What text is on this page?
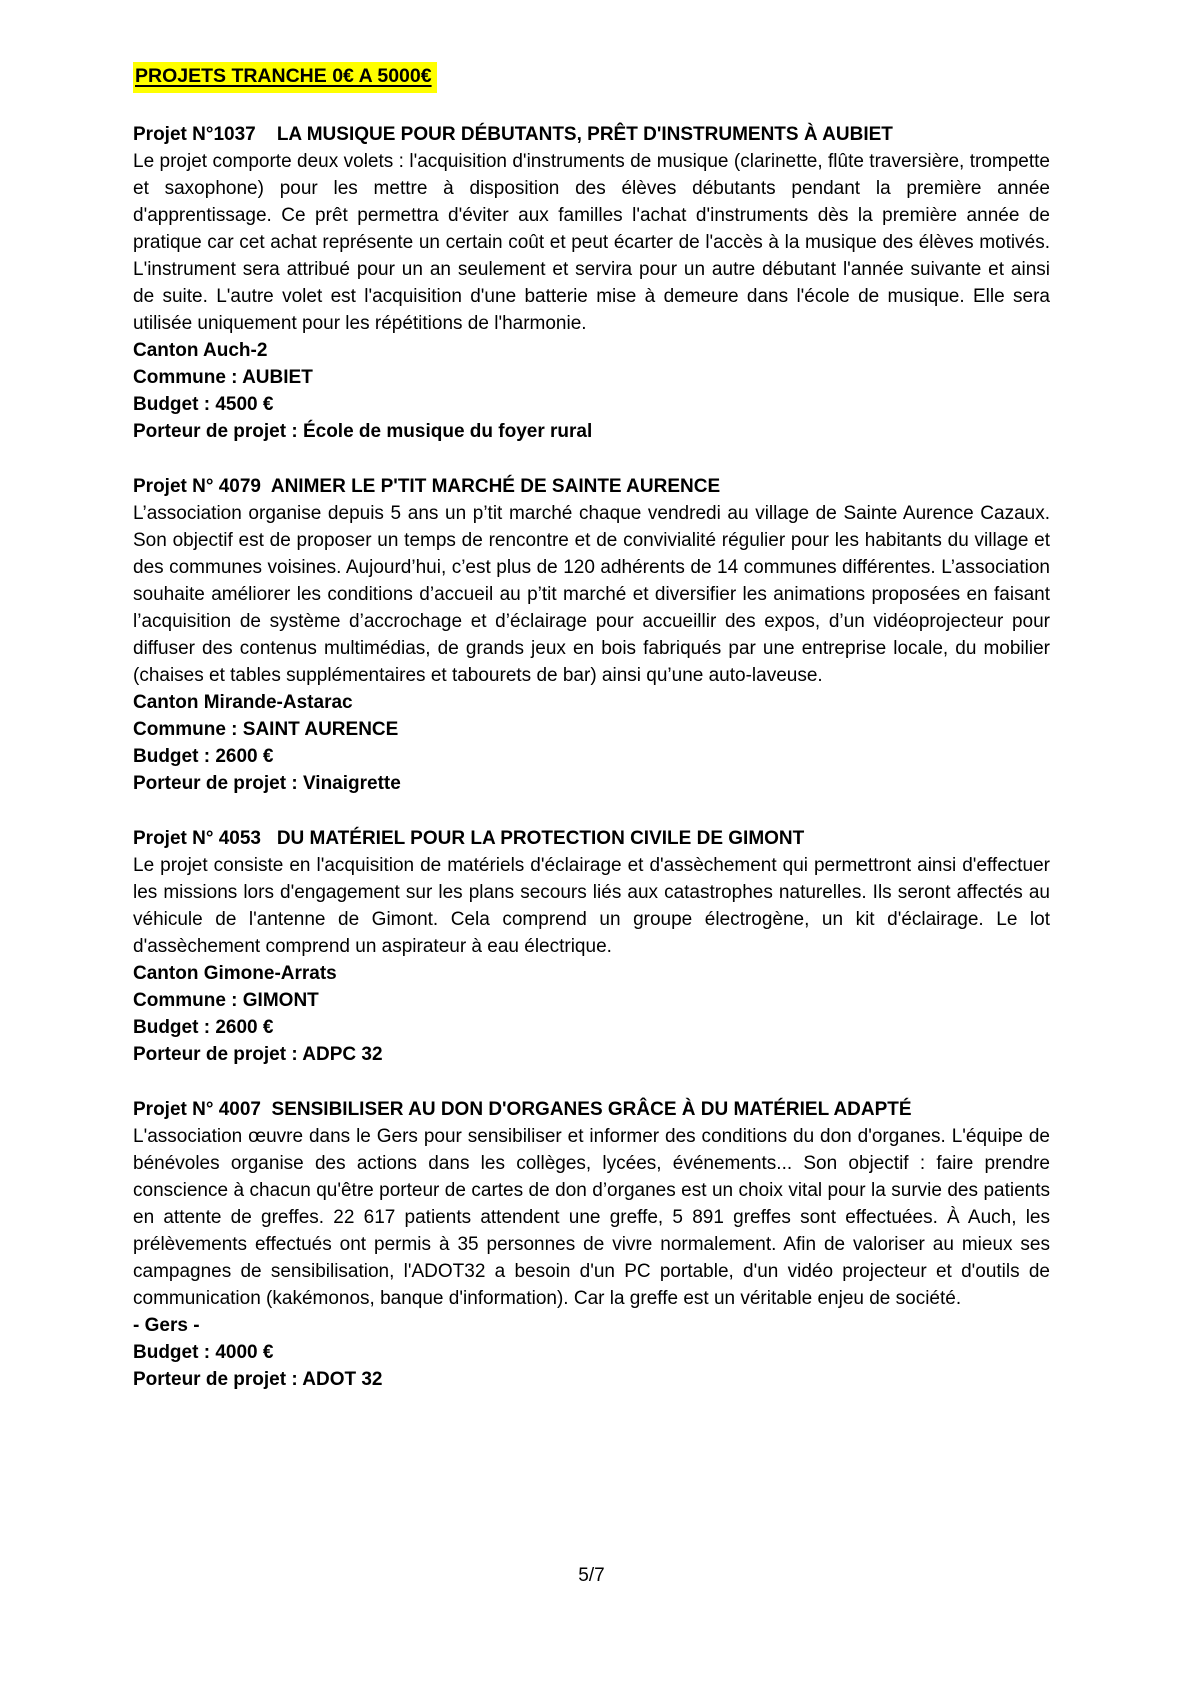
PROJETS TRANCHE 0€ A 5000€
Projet N°1037    LA MUSIQUE POUR DÉBUTANTS, PRÊT D'INSTRUMENTS À AUBIET
Le projet comporte deux volets : l'acquisition d'instruments de musique (clarinette, flûte traversière, trompette et saxophone) pour les mettre à disposition des élèves débutants pendant la première année d'apprentissage. Ce prêt permettra d'éviter aux familles l'achat d'instruments dès la première année de pratique car cet achat représente un certain coût et peut écarter de l'accès à la musique des élèves motivés. L'instrument sera attribué pour un an seulement et servira pour un autre débutant l'année suivante et ainsi de suite. L'autre volet est l'acquisition d'une batterie mise à demeure dans l'école de musique. Elle sera utilisée uniquement pour les répétitions de l'harmonie.
Canton Auch-2
Commune : AUBIET
Budget : 4500 €
Porteur de projet : École de musique du foyer rural
Projet N° 4079  ANIMER LE P'TIT MARCHÉ DE SAINTE AURENCE
L’association organise depuis 5 ans un p’tit marché chaque vendredi au village de Sainte Aurence Cazaux. Son objectif est de proposer un temps de rencontre et de convivialité régulier pour les habitants du village et des communes voisines. Aujourd’hui, c’est plus de 120 adhérents de 14 communes différentes. L’association souhaite améliorer les conditions d’accueil au p’tit marché et diversifier les animations proposées en faisant l’acquisition de système d’accrochage et d’éclairage pour accueillir des expos, d’un vidéoprojecteur pour diffuser des contenus multimédias, de grands jeux en bois fabriqués par une entreprise locale, du mobilier (chaises et tables supplémentaires et tabourets de bar) ainsi qu’une auto-laveuse.
Canton Mirande-Astarac
Commune : SAINT AURENCE
Budget : 2600 €
Porteur de projet : Vinaigrette
Projet N° 4053   DU MATÉRIEL POUR LA PROTECTION CIVILE DE GIMONT
Le projet consiste en l'acquisition de matériels d'éclairage et d'assèchement qui permettront ainsi d'effectuer les missions lors d'engagement sur les plans secours liés aux catastrophes naturelles. Ils seront affectés au véhicule de l'antenne de Gimont. Cela comprend un groupe électrogène, un kit d'éclairage. Le lot d'assèchement comprend un aspirateur à eau électrique.
Canton Gimone-Arrats
Commune : GIMONT
Budget : 2600 €
Porteur de projet : ADPC 32
Projet N° 4007  SENSIBILISER AU DON D'ORGANES GRÂCE À DU MATÉRIEL ADAPTÉ
L'association œuvre dans le Gers pour sensibiliser et informer des conditions du don d'organes. L'équipe de bénévoles organise des actions dans les collèges, lycées, événements... Son objectif : faire prendre conscience à chacun qu'être porteur de cartes de don d’organes est un choix vital pour la survie des patients en attente de greffes. 22 617 patients attendent une greffe, 5 891 greffes sont effectuées. À Auch, les prélèvements effectués ont permis à 35 personnes de vivre normalement. Afin de valoriser au mieux ses campagnes de sensibilisation, l'ADOT32 a besoin d'un PC portable, d'un vidéo projecteur et d'outils de communication (kakémonos, banque d'information). Car la greffe est un véritable enjeu de société.
- Gers -
Budget : 4000 €
Porteur de projet : ADOT 32
5/7
